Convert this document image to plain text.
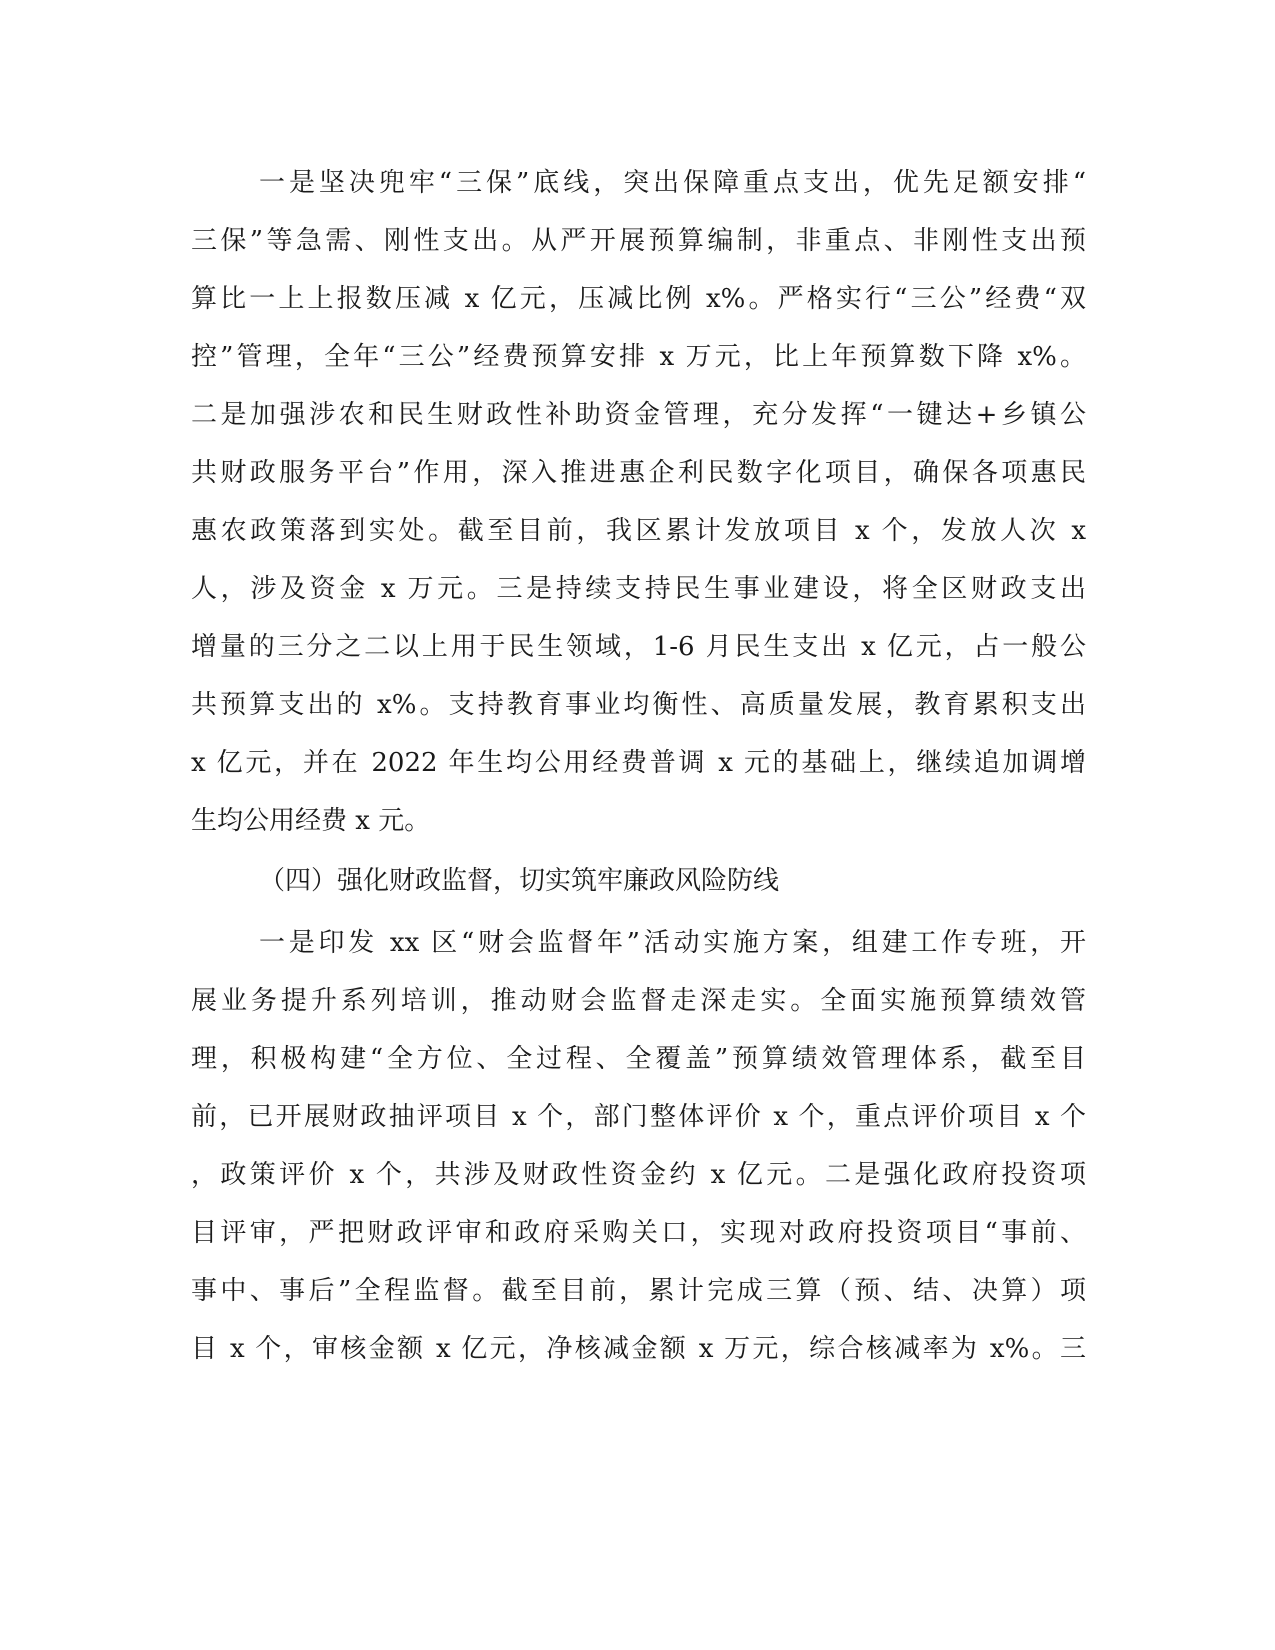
一是坚决兜牢“三保”底线，突出保障重点支出，优先足额安排“
三保”等急需、刚性支出。从严开展预算编制，非重点、非刚性支出预
算比一上上报数压减 x 亿元，压减比例 x%。严格实行“三公”经费“双
控”管理，全年“三公”经费预算安排 x 万元，比上年预算数下降 x%。
二是加强涉农和民生财政性补助资金管理，充分发挥“一键达+乡镇公
共财政服务平台”作用，深入推进惠企利民数字化项目，确保各项惠民
惠农政策落到实处。截至目前，我区累计发放项目 x 个，发放人次 x
人，涉及资金 x 万元。三是持续支持民生事业建设，将全区财政支出
增量的三分之二以上用于民生领域，1-6 月民生支出 x 亿元，占一般公
共预算支出的 x%。支持教育事业均衡性、高质量发展，教育累积支出
x 亿元，并在 2022 年生均公用经费普调 x 元的基础上，继续追加调增
生均公用经费 x 元。
（四）强化财政监督，切实筑牢廉政风险防线
一是印发 xx 区“财会监督年”活动实施方案，组建工作专班，开
展业务提升系列培训，推动财会监督走深走实。全面实施预算绩效管
理，积极构建“全方位、全过程、全覆盖”预算绩效管理体系，截至目
前，已开展财政抽评项目 x 个，部门整体评价 x 个，重点评价项目 x 个
，政策评价 x 个，共涉及财政性资金约 x 亿元。二是强化政府投资项
目评审，严把财政评审和政府采购关口，实现对政府投资项目“事前、
事中、事后”全程监督。截至目前，累计完成三算（预、结、决算）项
目 x 个，审核金额 x 亿元，净核减金额 x 万元，综合核减率为 x%。三
